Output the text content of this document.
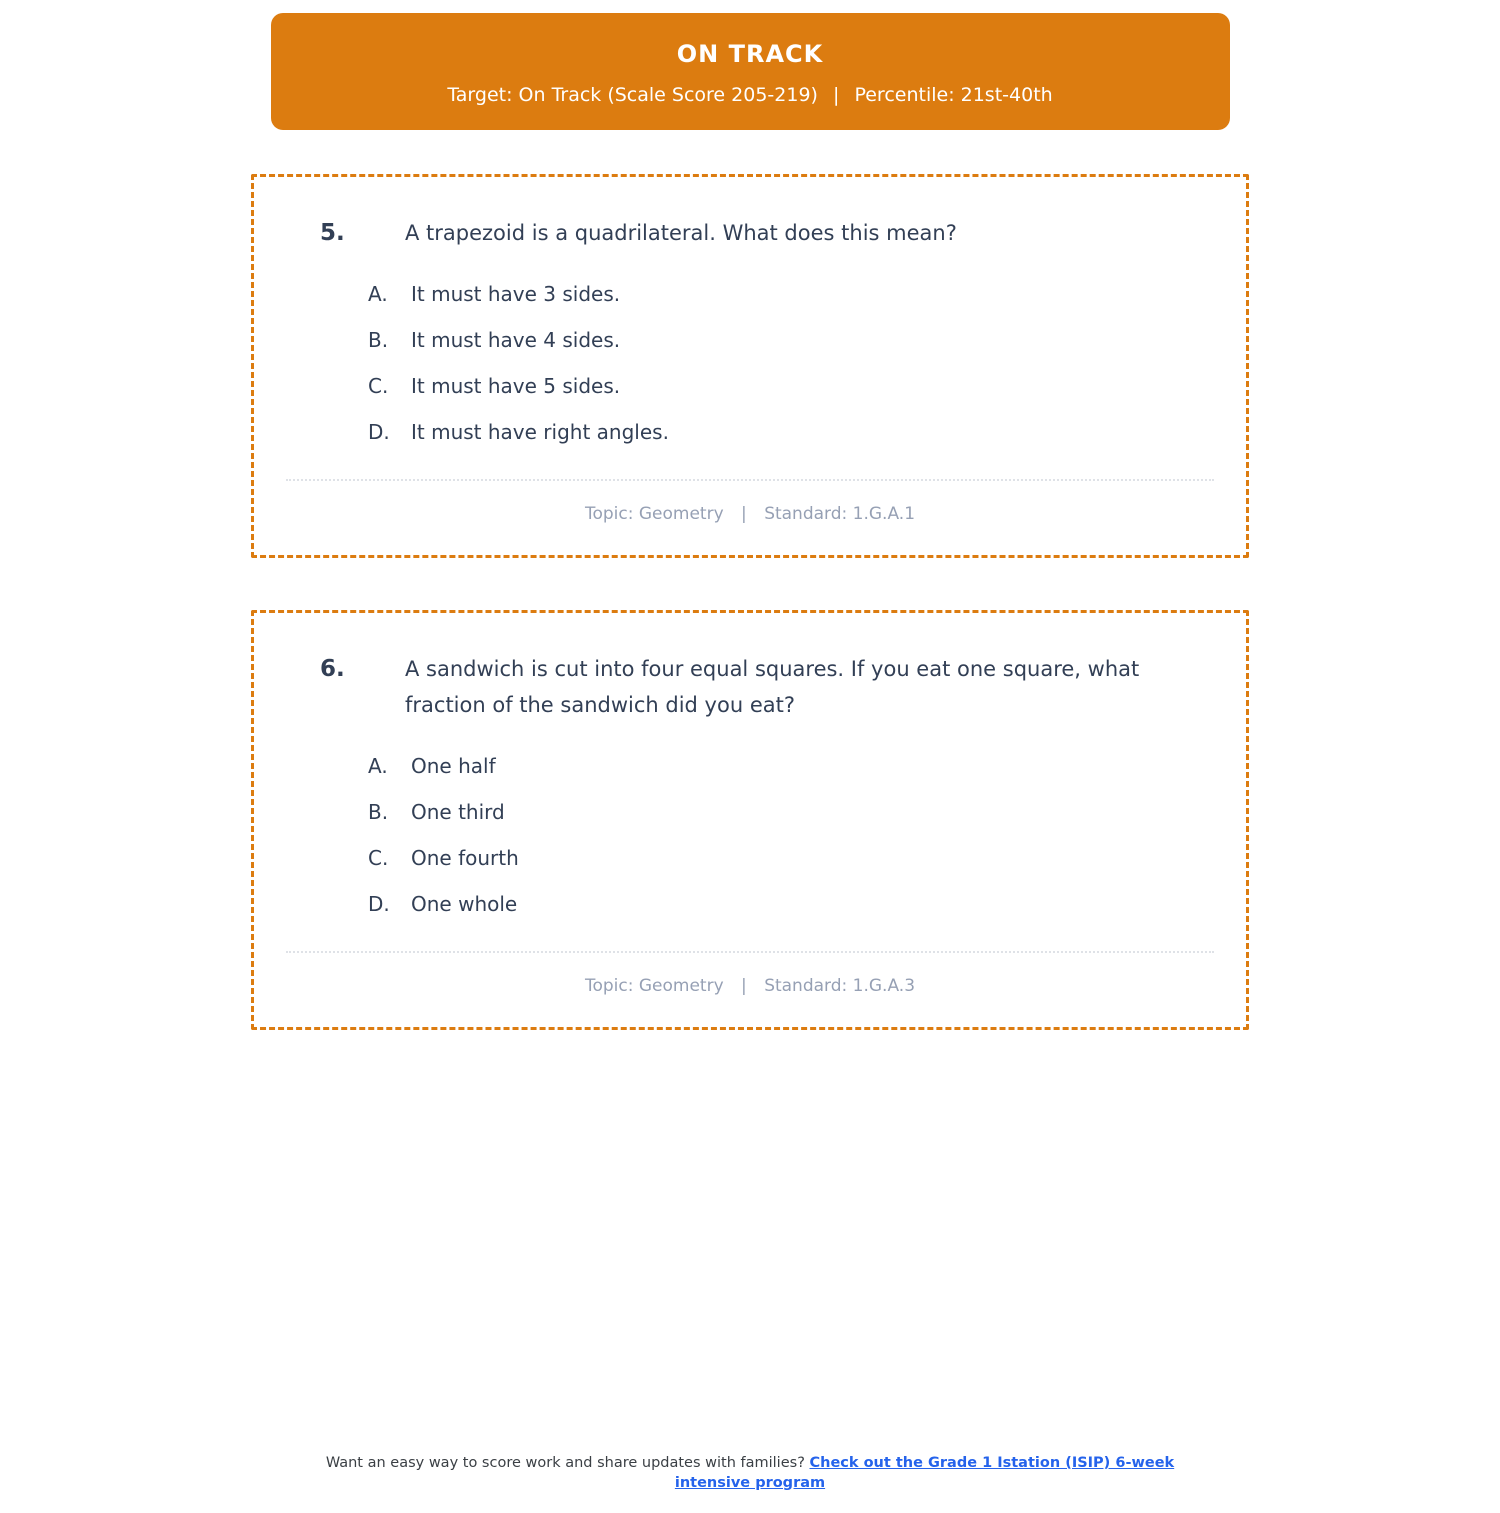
ON TRACK
Target: On Track (Scale Score 205-219) | Percentile: 21st-40th
5.	A trapezoid is a quadrilateral. What does this mean?
A.	It must have 3 sides.
B.	It must have 4 sides.
C.	It must have 5 sides.
D.	It must have right angles.
Topic: Geometry | Standard: 1.G.A.1
6.	A sandwich is cut into four equal squares. If you eat one square, what fraction of the sandwich did you eat?
A.	One half
B.	One third
C.	One fourth
D.	One whole
Topic: Geometry | Standard: 1.G.A.3
Want an easy way to score work and share updates with families? Check out the Grade 1 Istation (ISIP) 6-week intensive program
